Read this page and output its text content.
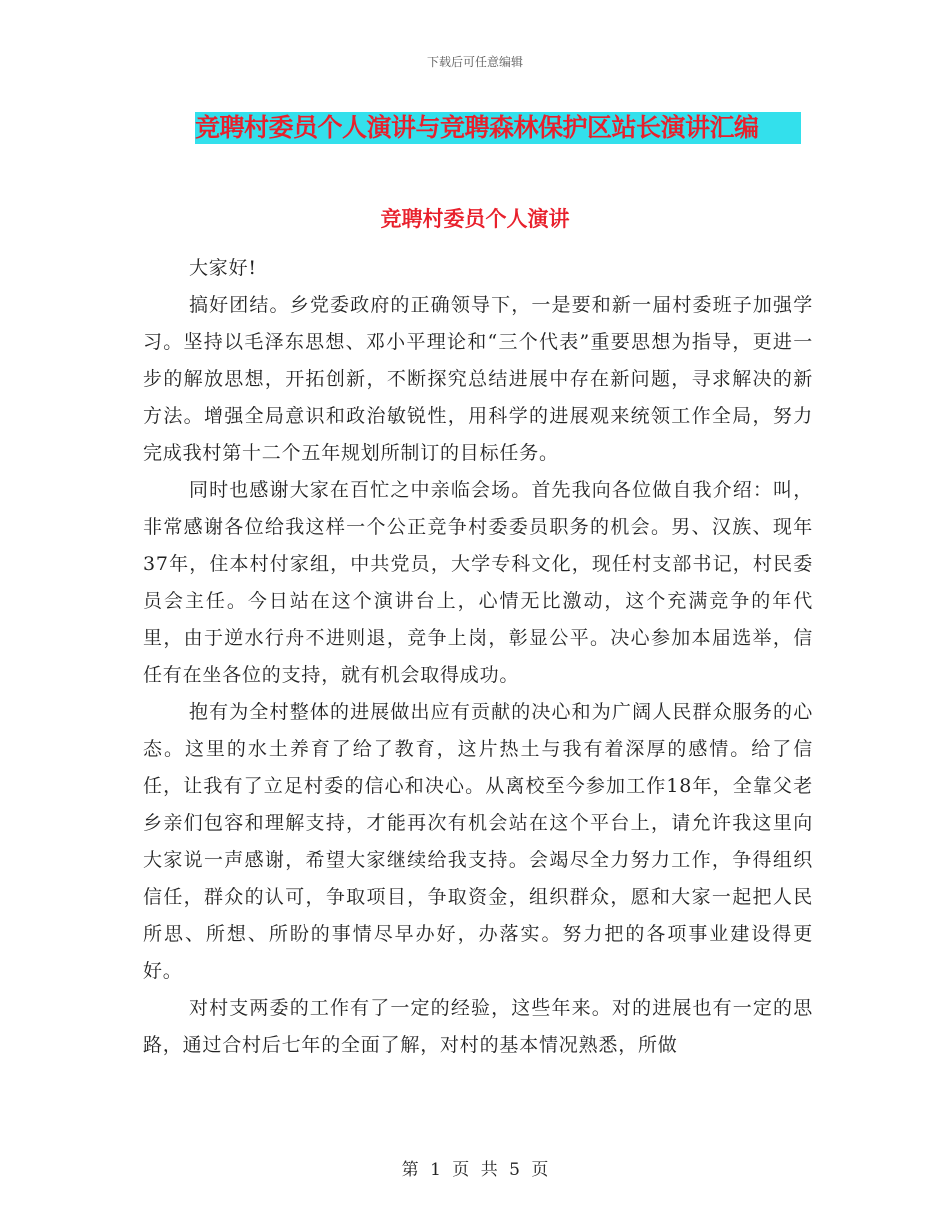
下载后可任意编辑
竞聘村委员个人演讲与竞聘森林保护区站长演讲汇编
竞聘村委员个人演讲

大家好!

搞好团结。乡党委政府的正确领导下，一是要和新一届村委班子加强学习。坚持以毛泽东思想、邓小平理论和“三个代表”重要思想为指导，更进一步的解放思想，开拓创新，不断探究总结进展中存在新问题，寻求解决的新方法。增强全局意识和政治敏锐性，用科学的进展观来统领工作全局，努力完成我村第十二个五年规划所制订的目标任务。

同时也感谢大家在百忙之中亲临会场。首先我向各位做自我介绍：叫，非常感谢各位给我这样一个公正竞争村委委员职务的机会。男、汉族、现年37年，住本村付家组，中共党员，大学专科文化，现任村支部书记，村民委员会主任。今日站在这个演讲台上，心情无比激动，这个充满竞争的年代里，由于逆水行舟不进则退，竞争上岗，彰显公平。决心参加本届选举，信任有在坐各位的支持，就有机会取得成功。

抱有为全村整体的进展做出应有贡献的决心和为广阔人民群众服务的心态。这里的水土养育了给了教育，这片热土与我有着深厚的感情。给了信任，让我有了立足村委的信心和决心。从离校至今参加工作18年，全靠父老乡亲们包容和理解支持，才能再次有机会站在这个平台上，请允许我这里向大家说一声感谢，希望大家继续给我支持。会竭尽全力努力工作，争得组织信任，群众的认可，争取项目，争取资金，组织群众，愿和大家一起把人民所思、所想、所盼的事情尽早办好，办落实。努力把的各项事业建设得更好。

对村支两委的工作有了一定的经验，这些年来。对的进展也有一定的思路，通过合村后七年的全面了解，对村的基本情况熟悉，所做

第 1 页 共 5 页
